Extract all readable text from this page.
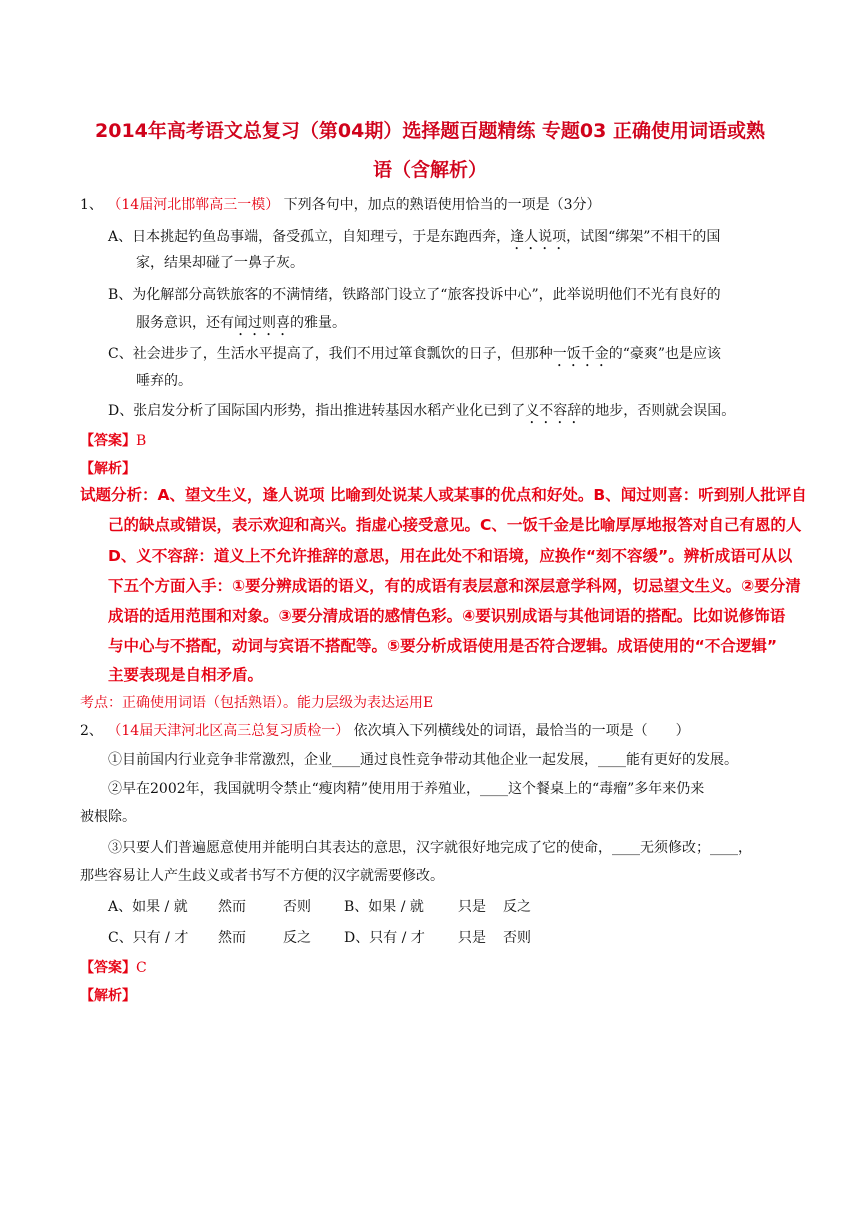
2014年高考语文总复习（第04期）选择题百题精练 专题03 正确使用词语或熟
语（含解析）
1、 （14届河北邯郸高三一模） 下列各句中，加点的熟语使用恰当的一项是（3分）
A、日本挑起钓鱼岛事端，备受孤立，自知理亏，于是东跑西奔，逢人说项，试图“绑架”不相干的国
家，结果却碰了一鼻子灰。
B、为化解部分高铁旅客的不满情绪，铁路部门设立了“旅客投诉中心”，此举说明他们不光有良好的
服务意识，还有闻过则喜的雅量。
C、社会进步了，生活水平提高了，我们不用过箪食瓢饮的日子，但那种一饭千金的“豪爽”也是应该
唾弃的。
D、张启发分析了国际国内形势，指出推进转基因水稻产业化已到了义不容辞的地步，否则就会误国。
【答案】B
【解析】
试题分析：A、望文生义，逢人说项 比喻到处说某人或某事的优点和好处。B、闻过则喜：听到别人批评自
己的缺点或错误，表示欢迎和高兴。指虚心接受意见。C、一饭千金是比喻厚厚地报答对自己有恩的人
D、义不容辞：道义上不允许推辞的意思，用在此处不和语境，应换作“刻不容缓”。辨析成语可从以
下五个方面入手：①要分辨成语的语义，有的成语有表层意和深层意学科网，切忌望文生义。②要分清
成语的适用范围和对象。③要分清成语的感情色彩。④要识别成语与其他词语的搭配。比如说修饰语
与中心与不搭配，动词与宾语不搭配等。⑤要分析成语使用是否符合逻辑。成语使用的“不合逻辑”
主要表现是自相矛盾。
考点：正确使用词语（包括熟语）。能力层级为表达运用E
2、 （14届天津河北区高三总复习质检一） 依次填入下列横线处的词语，最恰当的一项是（　　）
①目前国内行业竞争非常激烈，企业____通过良性竞争带动其他企业一起发展，____能有更好的发展。
②早在2002年，我国就明令禁止“瘦肉精”使用用于养殖业，____这个餐桌上的“毒瘤”多年来仍来
被根除。
③只要人们普遍愿意使用并能明白其表达的意思，汉字就很好地完成了它的使命，____无须修改；____，
那些容易让人产生歧义或者书写不方便的汉字就需要修改。
A、如果 / 就 然而	否则 B、如果 / 就 只是 反之
C、只有 / 才 然而	反之 D、只有 / 才 只是 否则
【答案】C
【解析】
